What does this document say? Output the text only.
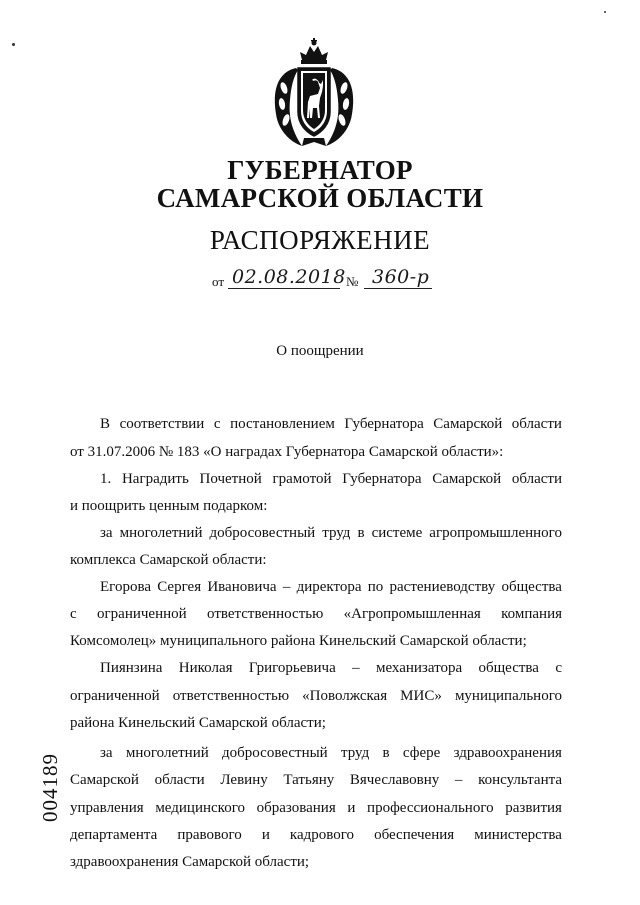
ГУБЕРНАТОР
САМАРСКОЙ ОБЛАСТИ
РАСПОРЯЖЕНИЕ
от 02.08.2018 № 360-р
О поощрении
В соответствии с постановлением Губернатора Самарской области
от 31.07.2006 № 183 «О наградах Губернатора Самарской области»:
1. Наградить Почетной грамотой Губернатора Самарской области
и поощрить ценным подарком:
за многолетний добросовестный труд в системе агропромышленного
комплекса Самарской области:
Егорова Сергея Ивановича – директора по растениеводству общества
с ограниченной ответственностью «Агропромышленная компания
Комсомолец» муниципального района Кинельский Самарской области;
Пиянзина Николая Григорьевича – механизатора общества с
ограниченной ответственностью «Поволжская МИС» муниципального
района Кинельский Самарской области;
за многолетний добросовестный труд в сфере здравоохранения
Самарской области Левину Татьяну Вячеславовну – консультанта
управления медицинского образования и профессионального развития
департамента правового и кадрового обеспечения министерства
здравоохранения Самарской области;
004189
